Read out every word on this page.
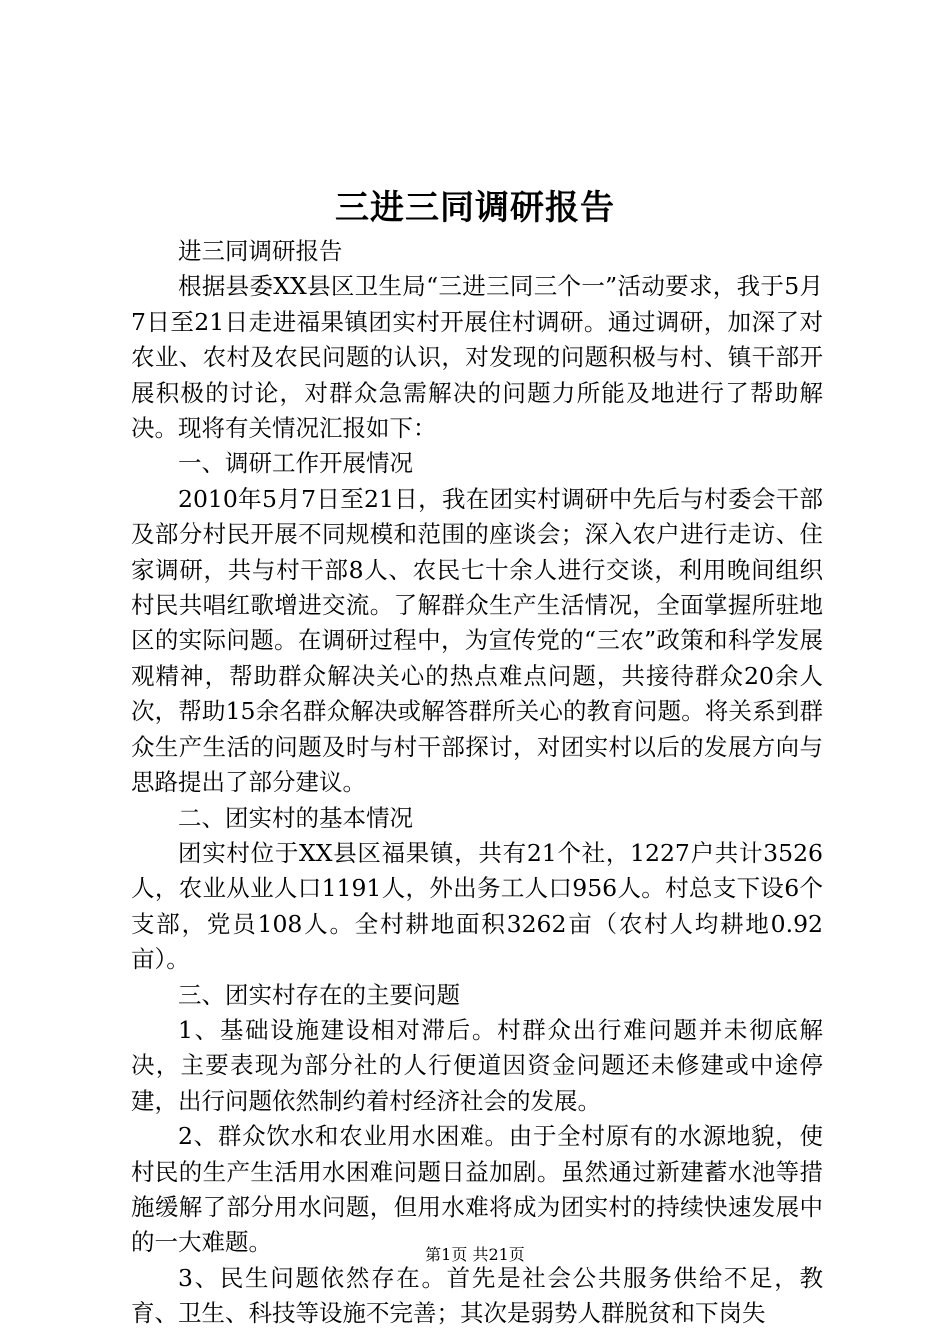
三进三同调研报告

进三同调研报告

根据县委XX县区卫生局“三进三同三个一”活动要求，我于5月7日至21日走进福果镇团实村开展住村调研。通过调研，加深了对农业、农村及农民问题的认识，对发现的问题积极与村、镇干部开展积极的讨论，对群众急需解决的问题力所能及地进行了帮助解决。现将有关情况汇报如下：

一、调研工作开展情况

2010年5月7日至21日，我在团实村调研中先后与村委会干部及部分村民开展不同规模和范围的座谈会；深入农户进行走访、住家调研，共与村干部8人、农民七十余人进行交谈，利用晚间组织村民共唱红歌增进交流。了解群众生产生活情况，全面掌握所驻地区的实际问题。在调研过程中，为宣传党的“三农”政策和科学发展观精神，帮助群众解决关心的热点难点问题，共接待群众20余人次，帮助15余名群众解决或解答群所关心的教育问题。将关系到群众生产生活的问题及时与村干部探讨，对团实村以后的发展方向与思路提出了部分建议。

二、团实村的基本情况

团实村位于XX县区福果镇，共有21个社，1227户共计3526人，农业从业人口1191人，外出务工人口956人。村总支下设6个支部，党员108人。全村耕地面积3262亩（农村人均耕地0.92亩）。

三、团实村存在的主要问题

1、基础设施建设相对滞后。村群众出行难问题并未彻底解决，主要表现为部分社的人行便道因资金问题还未修建或中途停建，出行问题依然制约着村经济社会的发展。

2、群众饮水和农业用水困难。由于全村原有的水源地貌，使村民的生产生活用水困难问题日益加剧。虽然通过新建蓄水池等措施缓解了部分用水问题，但用水难将成为团实村的持续快速发展中的一大难题。

3、民生问题依然存在。首先是社会公共服务供给不足，教育、卫生、科技等设施不完善；其次是弱势人群脱贫和下岗失

第1页 共21页
